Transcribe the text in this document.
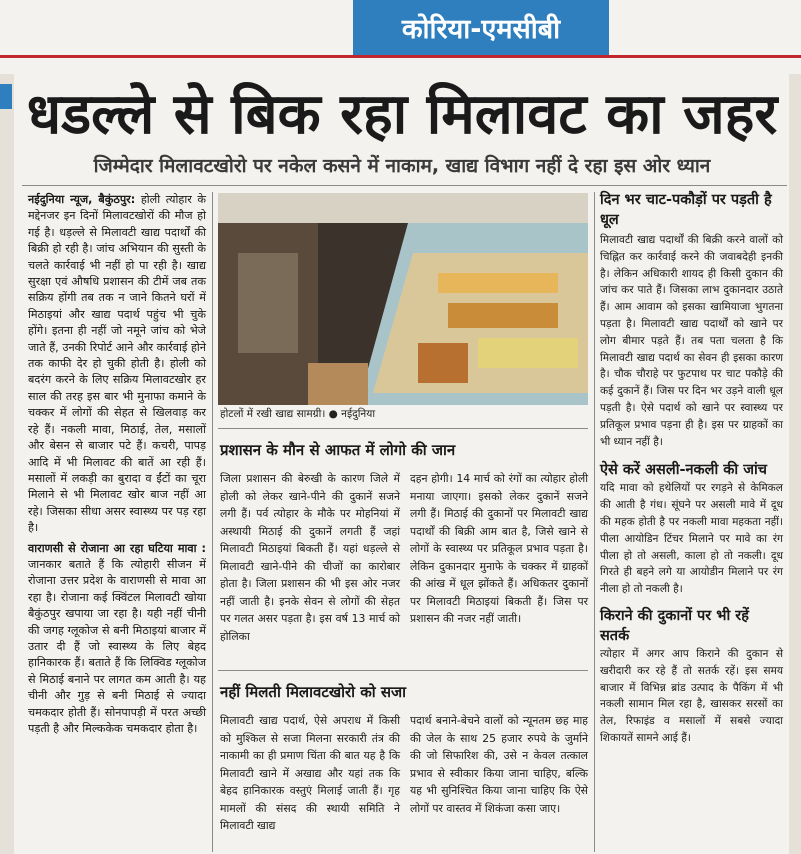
कोरिया-एमसीबी
धडल्ले से बिक रहा मिलावट का जहर
जिम्मेदार मिलावटखोरो पर नकेल कसने में नाकाम, खाद्य विभाग नहीं दे रहा इस ओर ध्यान
नईदुनिया न्यूज, बैकुंठपुर: होली त्योहार के मद्देनजर इन दिनों मिलावटखोरों की मौज हो गई है। धड़ल्ले से मिलावटी खाद्य पदार्थों की बिक्री हो रही है। जांच अभियान की सुस्ती के चलते कार्रवाई भी नहीं हो पा रही है। खाद्य सुरक्षा एवं औषधि प्रशासन की टीमें जब तक सक्रिय होंगी तब तक न जाने कितने घरों में मिठाइयां और खाद्य पदार्थ पहुंच भी चुके होंगे। इतना ही नहीं जो नमूने जांच को भेजे जाते हैं, उनकी रिपोर्ट आने और कार्रवाई होने तक काफी देर हो चुकी होती है। होली को बदरंग करने के लिए सक्रिय मिलावटखोर हर साल की तरह इस बार भी मुनाफा कमाने के चक्कर में लोगों की सेहत से खिलवाड़ कर रहे हैं। नकली मावा, मिठाई, तेल, मसालों और बेसन से बाजार पटे हैं। कचरी, पापड़ आदि में भी मिलावट की बातें आ रही हैं। मसालों में लकड़ी का बुरादा व ईंटों का चूरा मिलाने से भी मिलावट खोर बाज नहीं आ रहे। जिसका सीधा असर स्वास्थ्य पर पड़ रहा है।
वाराणसी से रोजाना आ रहा घटिया मावा : जानकार बताते हैं कि त्योहारी सीजन में रोजाना उत्तर प्रदेश के वाराणसी से मावा आ रहा है। रोजाना कई क्विंटल मिलावटी खोया बैकुंठपुर खपाया जा रहा है। यही नहीं चीनी की जगह ग्लूकोज से बनी मिठाइयां बाजार में उतार दी हैं जो स्वास्थ्य के लिए बेहद हानिकारक हैं। बताते हैं कि लिक्विड ग्लूकोज से मिठाई बनाने पर लागत कम आती है। यह चीनी और गुड़ से बनी मिठाई से ज्यादा चमकदार होती हैं। सोनपापड़ी में परत अच्छी पड़ती है और मिल्ककेक चमकदार होता है।
होटलों में रखी खाद्य सामग्री। ● नईदुनिया
प्रशासन के मौन से आफत में लोगो की जान
जिला प्रशासन की बेरुखी के कारण जिले में होली को लेकर खाने-पीने की दुकानें सजने लगी हैं। पर्व त्योहार के मौके पर मोहनियां में अस्थायी मिठाई की दुकानें लगती हैं जहां मिलावटी मिठाइयां बिकती हैं। यहां धड़ल्ले से मिलावटी खाने-पीने की चीजों का कारोबार होता है। जिला प्रशासन की भी इस ओर नजर नहीं जाती है। इनके सेवन से लोगों की सेहत पर गलत असर पड़ता है। इस वर्ष 13 मार्च को होलिका
दहन होगी। 14 मार्च को रंगों का त्योहार होली मनाया जाएगा। इसको लेकर दुकानें सजने लगी हैं। मिठाई की दुकानों पर मिलावटी खाद्य पदार्थों की बिक्री आम बात है, जिसे खाने से लोगों के स्वास्थ्य पर प्रतिकूल प्रभाव पड़ता है। लेकिन दुकानदार मुनाफे के चक्कर में ग्राहकों की आंख में धूल झोंकते हैं। अधिकतर दुकानों पर मिलावटी मिठाइयां बिकती हैं। जिस पर प्रशासन की नजर नहीं जाती।
नहीं मिलती मिलावटखोरो को सजा
मिलावटी खाद्य पदार्थ, ऐसे अपराध में किसी को मुश्किल से सजा मिलना सरकारी तंत्र की नाकामी का ही प्रमाण चिंता की बात यह है कि मिलावटी खाने में अखाद्य और यहां तक कि बेहद हानिकारक वस्तुएं मिलाई जाती हैं। गृह मामलों की संसद की स्थायी समिति ने मिलावटी खाद्य
पदार्थ बनाने-बेचने वालों को न्यूनतम छह माह की जेल के साथ 25 हजार रुपये के जुर्माने की जो सिफारिश की, उसे न केवल तत्काल प्रभाव से स्वीकार किया जाना चाहिए, बल्कि यह भी सुनिश्चित किया जाना चाहिए कि ऐसे लोगों पर वास्तव में शिकंजा कसा जाए।
दिन भर चाट-पकौड़ों पर पड़ती है धूल
मिलावटी खाद्य पदार्थों की बिक्री करने वालों को चिह्नित कर कार्रवाई करने की जवाबदेही इनकी है। लेकिन अधिकारी शायद ही किसी दुकान की जांच कर पाते हैं। जिसका लाभ दुकानदार उठाते हैं। आम आवाम को इसका खामियाजा भुगतना पड़ता है। मिलावटी खाद्य पदार्थों को खाने पर लोग बीमार पड़ते हैं। तब पता चलता है कि मिलावटी खाद्य पदार्थ का सेवन ही इसका कारण है। चौक चौराहे पर फुटपाथ पर चाट पकौड़े की कई दुकानें हैं। जिस पर दिन भर उड़ने वाली धूल पड़ती है। ऐसे पदार्थ को खाने पर स्वास्थ्य पर प्रतिकूल प्रभाव पड़ना ही है। इस पर ग्राहकों का भी ध्यान नहीं है।
ऐसे करें असली-नकली की जांच
यदि मावा को हथेलियों पर रगड़ने से केमिकल की आती है गंध। सूंघने पर असली मावे में दूध की महक होती है पर नकली मावा महकता नहीं। पीला आयोडिन टिंचर मिलाने पर मावे का रंग पीला हो तो असली, काला हो तो नकली। दूध गिरते ही बहने लगे या आयोडीन मिलाने पर रंग नीला हो तो नकली है।
किराने की दुकानों पर भी रहें सतर्क
त्योहार में अगर आप किराने की दुकान से खरीदारी कर रहे हैं तो सतर्क रहें। इस समय बाजार में विभिन्न ब्रांड उत्पाद के पैकिंग में भी नकली सामान मिल रहा है, खासकर सरसों का तेल, रिफाइंड व मसालों में सबसे ज्यादा शिकायतें सामने आई हैं।
